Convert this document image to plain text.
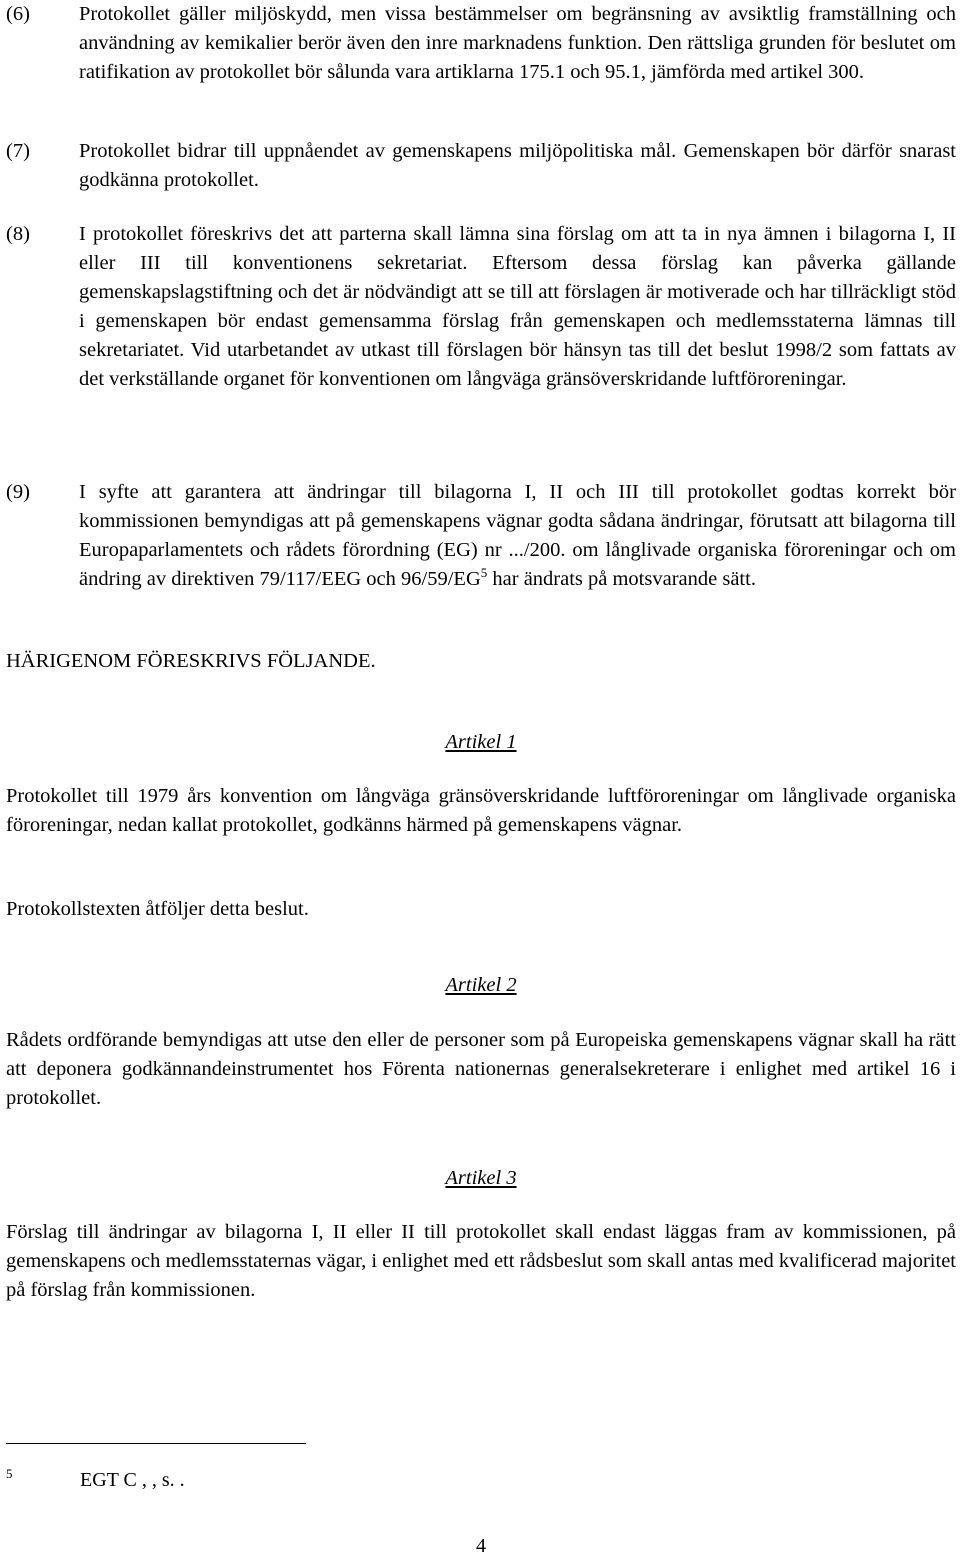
(6)	Protokollet gäller miljöskydd, men vissa bestämmelser om begränsning av avsiktlig framställning och användning av kemikalier berör även den inre marknadens funktion. Den rättsliga grunden för beslutet om ratifikation av protokollet bör sålunda vara artiklarna 175.1 och 95.1, jämförda med artikel 300.
(7)	Protokollet bidrar till uppnåendet av gemenskapens miljöpolitiska mål. Gemenskapen bör därför snarast godkänna protokollet.
(8)	I protokollet föreskrivs det att parterna skall lämna sina förslag om att ta in nya ämnen i bilagorna I, II eller III till konventionens sekretariat. Eftersom dessa förslag kan påverka gällande gemenskapslagstiftning och det är nödvändigt att se till att förslagen är motiverade och har tillräckligt stöd i gemenskapen bör endast gemensamma förslag från gemenskapen och medlemsstaterna lämnas till sekretariatet. Vid utarbetandet av utkast till förslagen bör hänsyn tas till det beslut 1998/2 som fattats av det verkställande organet för konventionen om långväga gränsöverskridande luftföroreningar.
(9)	I syfte att garantera att ändringar till bilagorna I, II och III till protokollet godtas korrekt bör kommissionen bemyndigas att på gemenskapens vägnar godta sådana ändringar, förutsatt att bilagorna till Europaparlamentets och rådets förordning (EG) nr .../200. om långlivade organiska föroreningar och om ändring av direktiven 79/117/EEG och $96/59/EG^5$ har ändrats på motsvarande sätt.
HÄRIGENOM FÖRESKRIVS FÖLJANDE.
Artikel 1
Protokollet till 1979 års konvention om långväga gränsöverskridande luftföroreningar om långlivade organiska föroreningar, nedan kallat protokollet, godkänns härmed på gemenskapens vägnar.
Protokollstexten åtföljer detta beslut.
Artikel 2
Rådets ordförande bemyndigas att utse den eller de personer som på Europeiska gemenskapens vägnar skall ha rätt att deponera godkännandeinstrumentet hos Förenta nationernas generalsekreterare i enlighet med artikel 16 i protokollet.
Artikel 3
Förslag till ändringar av bilagorna I, II eller II till protokollet skall endast läggas fram av kommissionen, på gemenskapens och medlemsstaternas vägar, i enlighet med ett rådsbeslut som skall antas med kvalificerad majoritet på förslag från kommissionen.
5	EGT C , , s. .
4
